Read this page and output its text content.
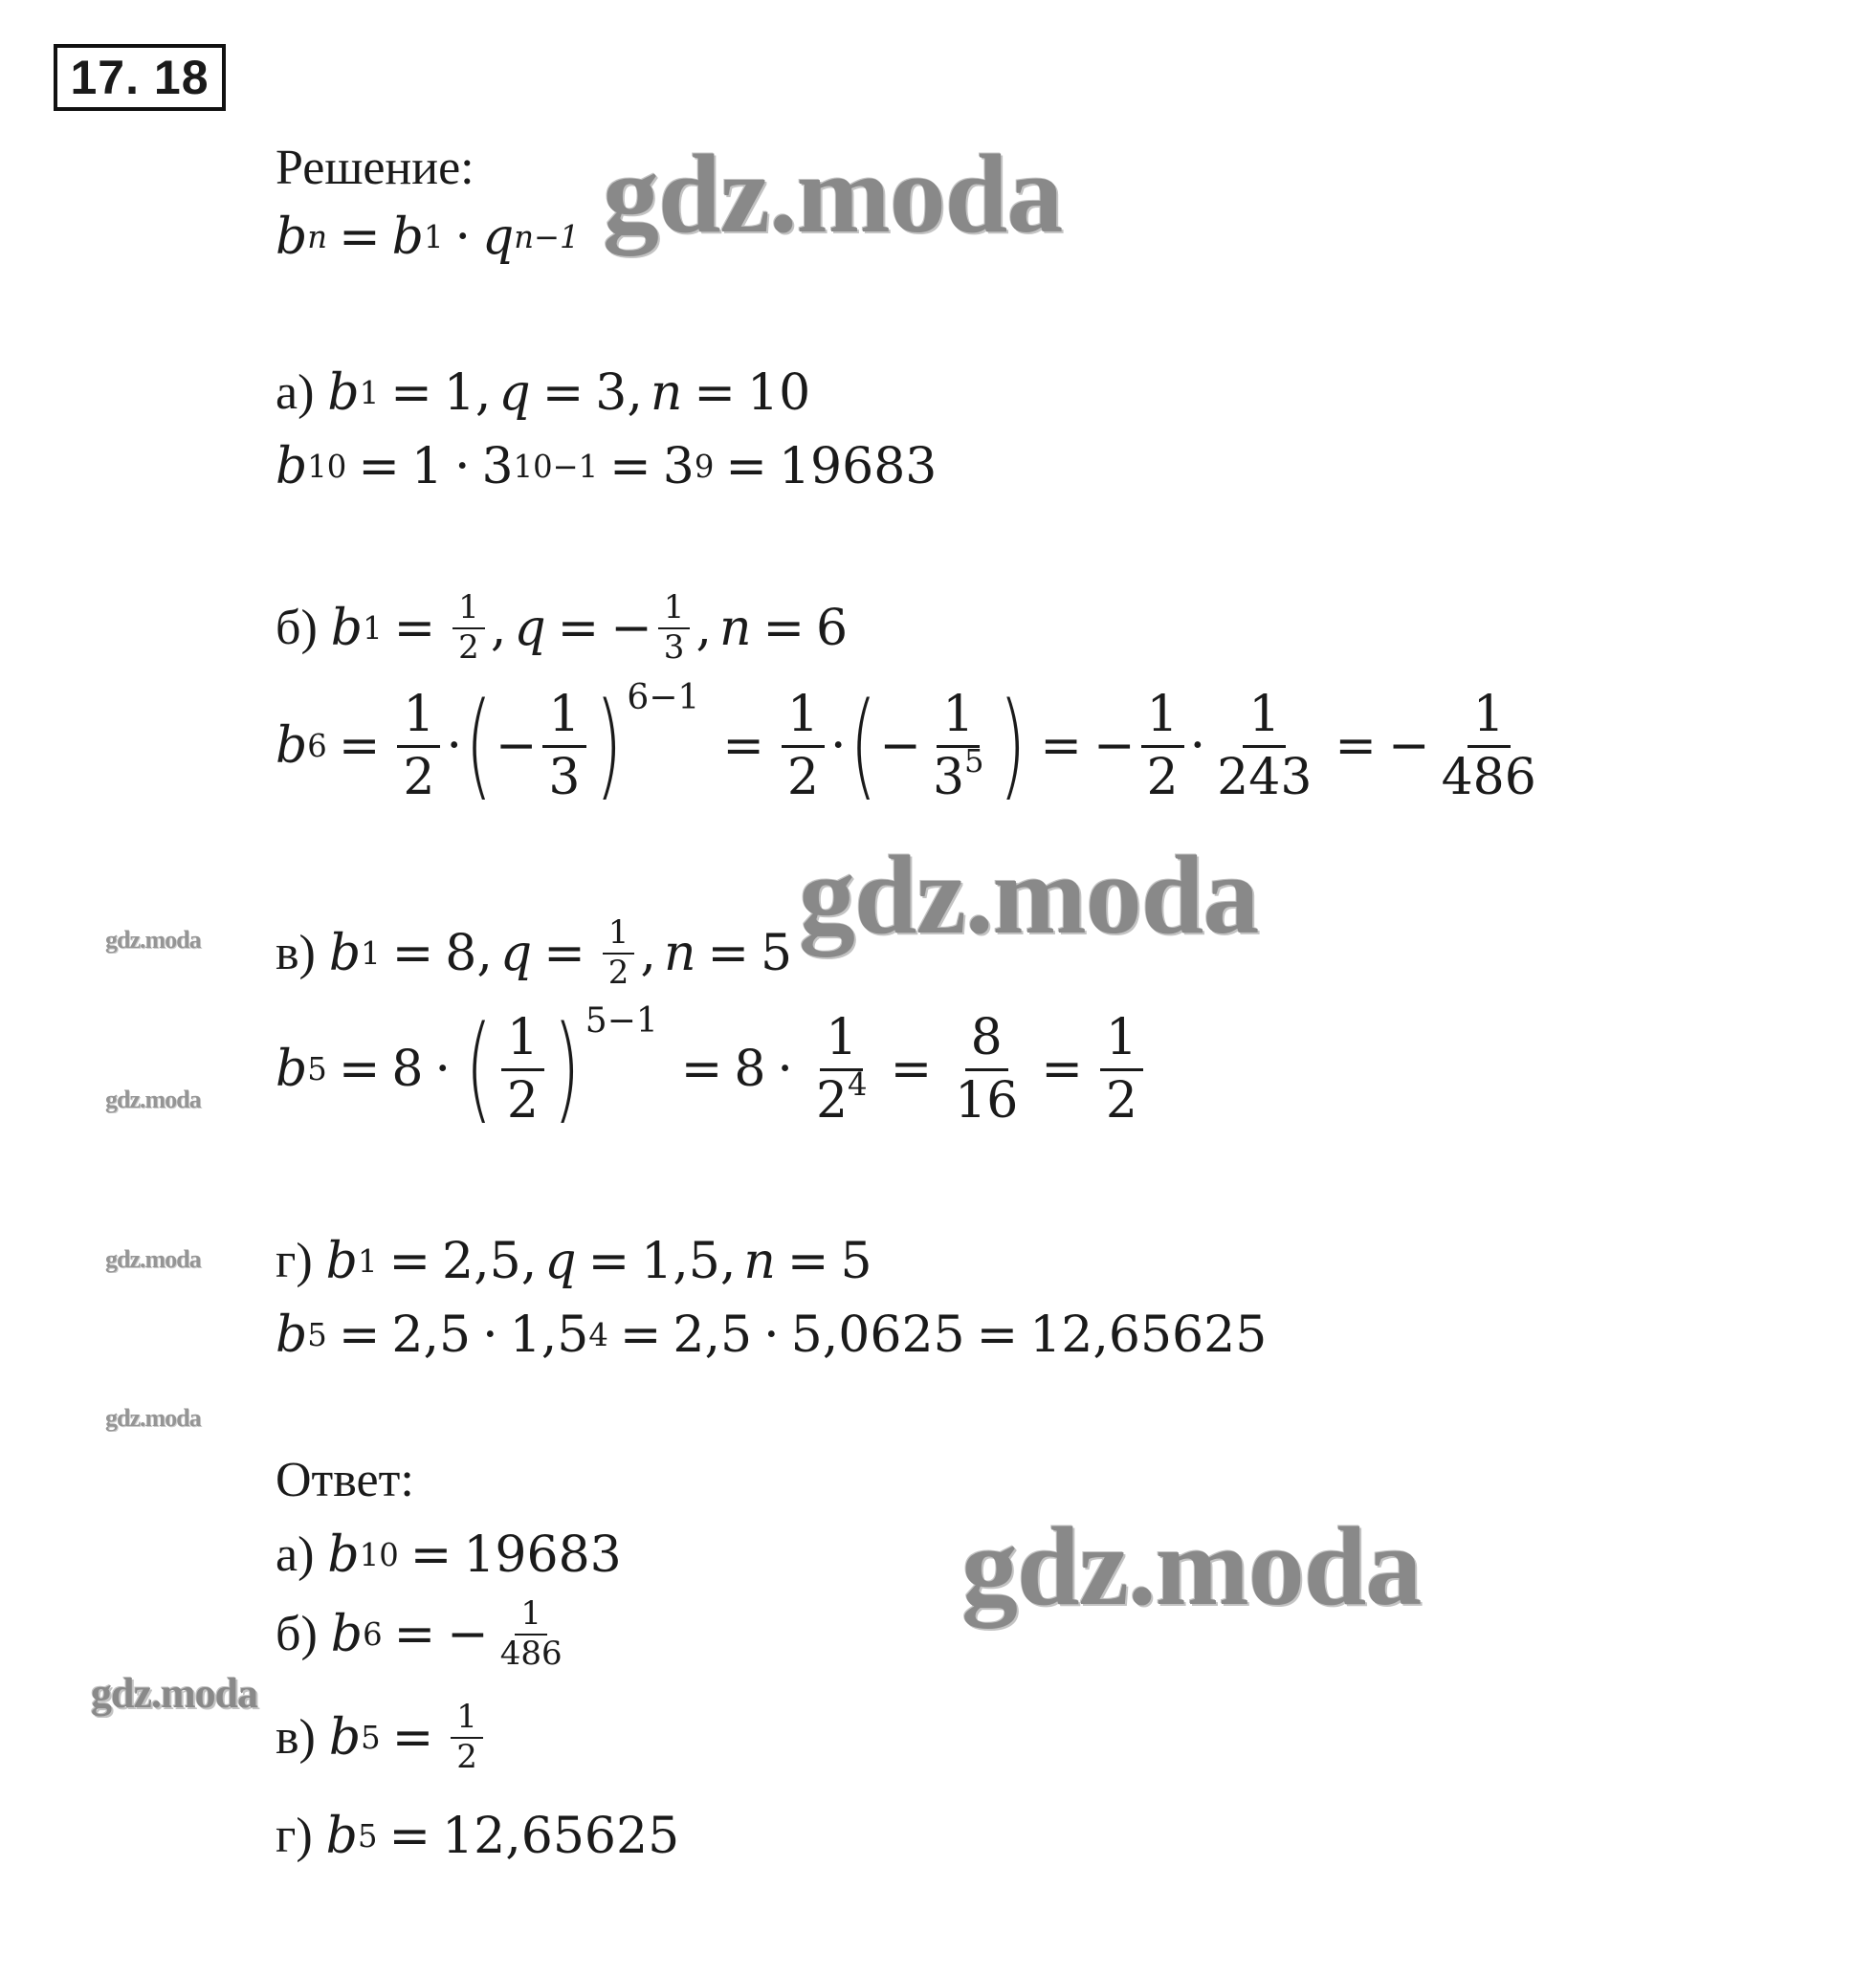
17. 18
Решение:
b n = b 1 · q n−1
а) b 1 = 1 , q = 3 , n = 10
b 10 = 1 · 3 10−1 = 3 9 = 19683
б) b $1 = \frac{1}{2}$ , q = − $\frac{1}{3}$ , n = 6
b $6 = \frac{1}{2}$ · ( − $\frac{1}{3}$ ) 6−1
= $\frac{1}{2}$ · ( − $\frac{1}{3^5}$ ) = − $\frac{1}{2} \cdot \frac{1}{243}$ = − $\frac{1}{486}$
в) b 1 = 8 , $q = \frac{1}{2}$ , n = 5
b 5 = 8 · ( $\frac{1}{2}$ ) 5−1
= $8 \cdot \frac{1}{2^4} = \frac{8}{16} = \frac{1}{2}$
г) b 1 = 2,5 , q = 1,5 , n = 5
b 5 = 2,5 · 1,5 4 = 2,5 · 5,0625 = 12,65625
Ответ:
а) b 10 = 19683
б) b 6 = − $\frac{1}{486}$
в) b $5 = \frac{1}{2}$
г) b 5 = 12,65625
gdz.moda
gdz.moda
gdz.moda
gdz.moda
gdz.moda
gdz.moda
gdz.moda
gdz.moda
